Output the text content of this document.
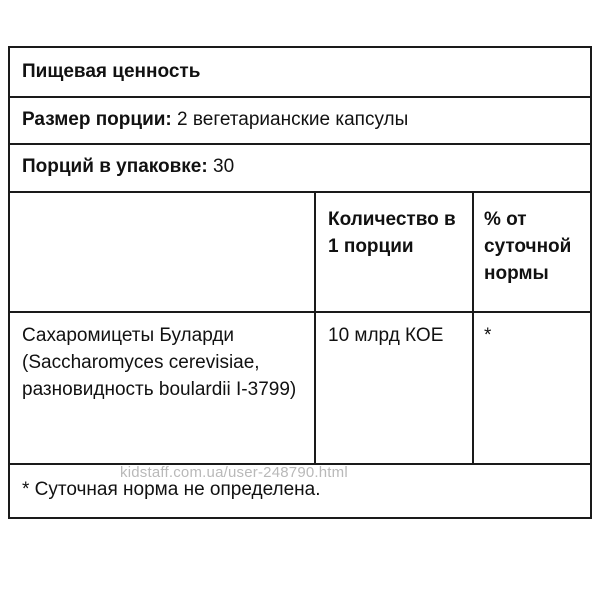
Пищевая ценность
Размер порции: 2 вегетарианские капсулы
Порций в упаковке: 30
Количество в 1 порции
% от суточной нормы
Сахаромицеты Буларди (Saccharomyces cerevisiae, разновидность boulardii I-3799)
10 млрд КОЕ	*
* Суточная норма не определена.
kidstaff.com.ua/user-248790.html
